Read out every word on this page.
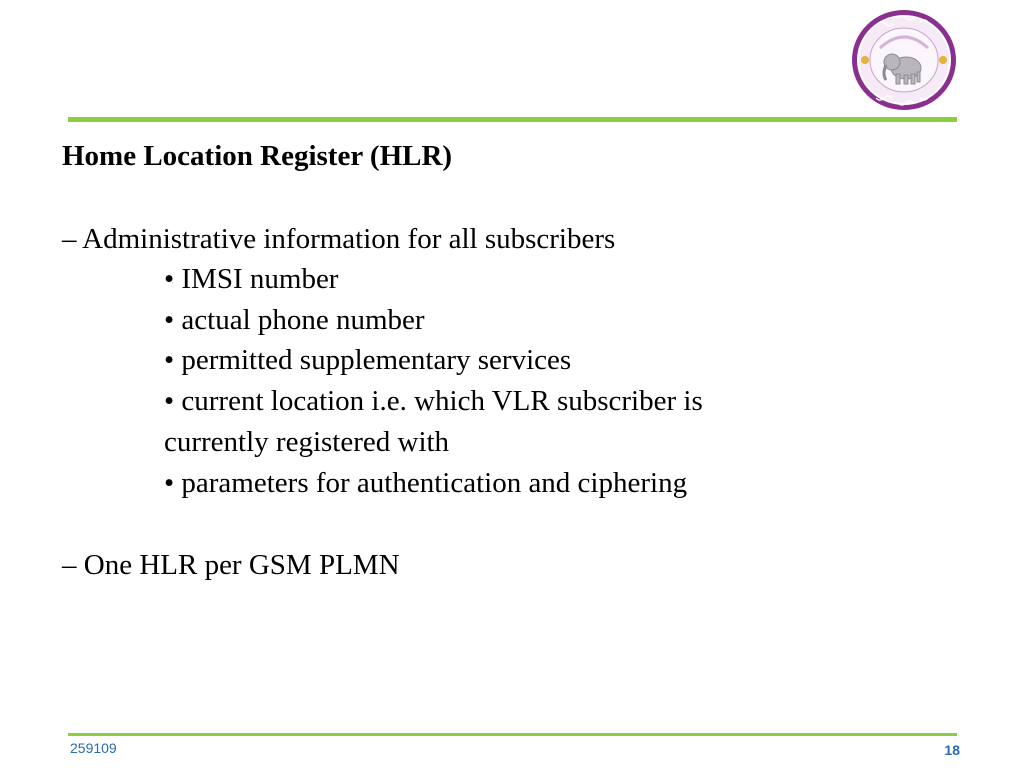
Home Location Register (HLR)

– Administrative information for all subscribers

• IMSI number

• actual phone number

• permitted supplementary services

• current location i.e. which VLR subscriber is

currently registered with

• parameters for authentication and ciphering

– One HLR per GSM PLMN

259109	18
